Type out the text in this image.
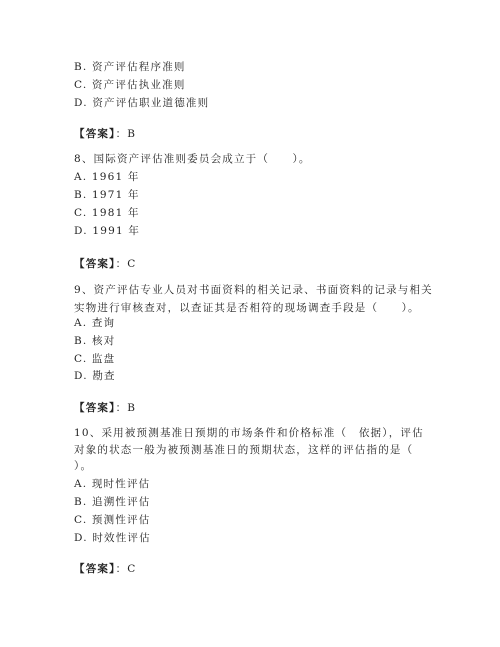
B. 资产评估程序准则
C. 资产评估执业准则
D. 资产评估职业道德准则
【答案】：B
8、国际资产评估准则委员会成立于（　　）。
A. 1961 年
B. 1971 年
C. 1981 年
D. 1991 年
【答案】：C
9、资产评估专业人员对书面资料的相关记录、书面资料的记录与相关
实物进行审核查对，以查证其是否相符的现场调查手段是（　　）。
A. 查询
B. 核对
C. 监盘
D. 勘查
【答案】：B
10、采用被预测基准日预期的市场条件和价格标准（　依据），评估
对象的状态一般为被预测基准日的预期状态，这样的评估指的是（
）。
A. 现时性评估
B. 追溯性评估
C. 预测性评估
D. 时效性评估
【答案】：C
